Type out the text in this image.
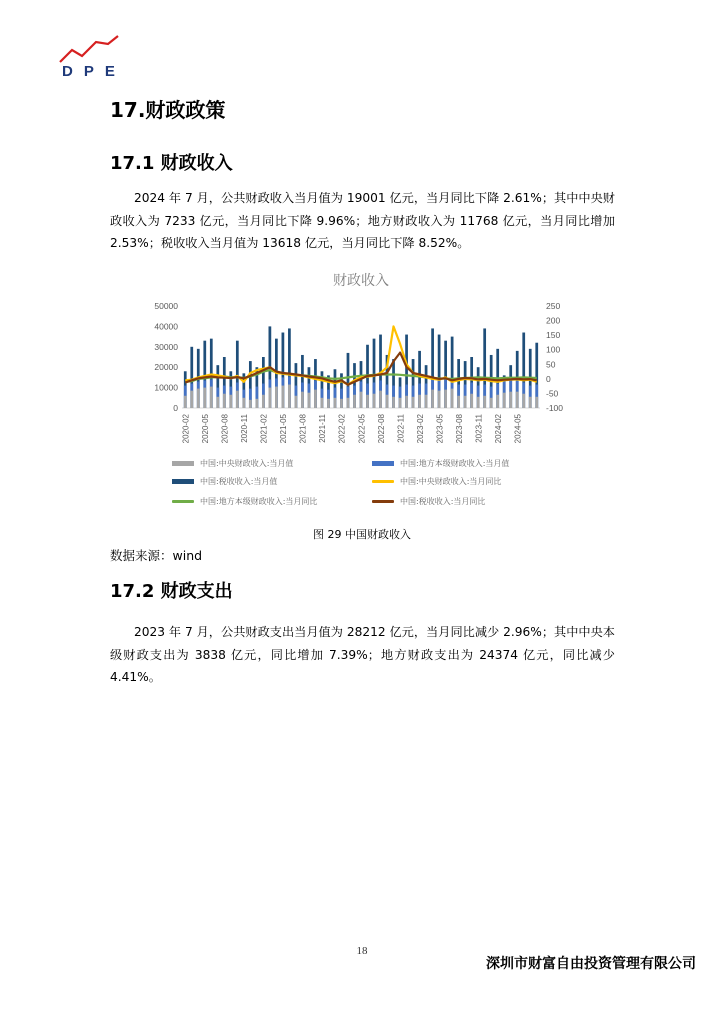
DPE
17.财政政策
17.1 财政收入
2024 年 7 月，公共财政收入当月值为 19001 亿元，当月同比下降 2.61%；其中中央财政收入为 7233 亿元，当月同比下降 9.96%；地方财政收入为 11768 亿元，当月同比增加 2.53%；税收收入当月值为 13618 亿元，当月同比下降 8.52%。
财政收入
0
10000
20000
30000
40000
50000
-100
-50
0
50
100
150
200
250
2020-02 2020-05 2020-08 2020-11 2021-02 2021-05 2021-08 2021-11 2022-02 2022-05 2022-08 2022-11 2023-02 2023-05 2023-08 2023-11 2024-02 2024-05
中国:中央财政收入:当月值	中国:地方本级财政收入:当月值
中国:税收收入:当月值	中国:中央财政收入:当月同比
中国:地方本级财政收入:当月同比	中国:税收收入:当月同比
图 29 中国财政收入
数据来源：wind
17.2 财政支出
2023 年 7 月，公共财政支出当月值为 28212 亿元，当月同比减少 2.96%；其中中央本级财政支出为 3838 亿元，同比增加 7.39%；地方财政支出为 24374 亿元，同比减少 4.41%。
18
深圳市财富自由投资管理有限公司
